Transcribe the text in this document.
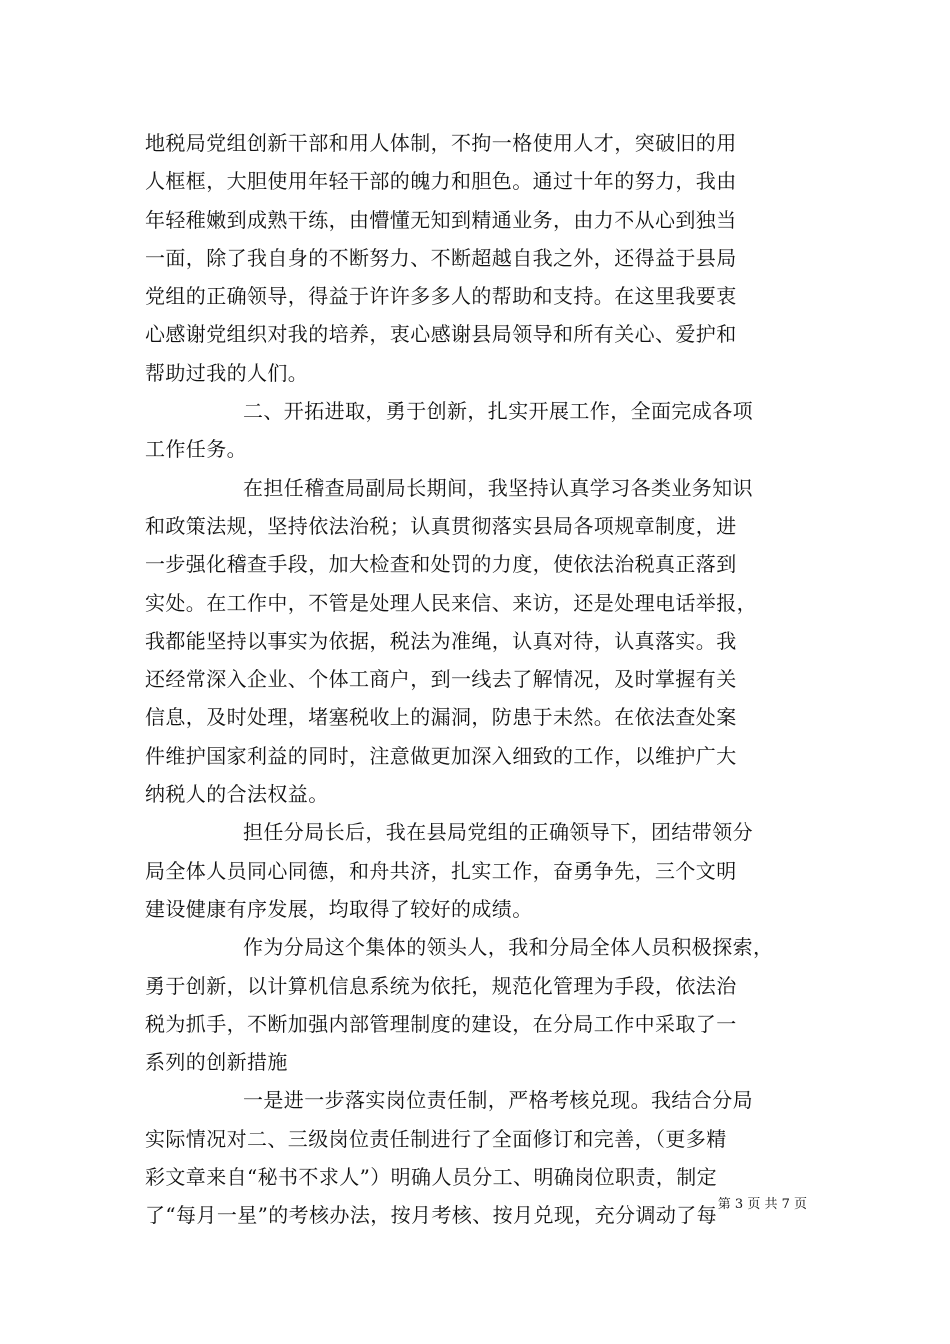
地税局党组创新干部和用人体制，不拘一格使用人才，突破旧的用
人框框，大胆使用年轻干部的魄力和胆色。通过十年的努力，我由
年轻稚嫩到成熟干练，由懵懂无知到精通业务，由力不从心到独当
一面，除了我自身的不断努力、不断超越自我之外，还得益于县局
党组的正确领导，得益于许许多多人的帮助和支持。在这里我要衷
心感谢党组织对我的培养，衷心感谢县局领导和所有关心、爱护和
帮助过我的人们。
二、开拓进取，勇于创新，扎实开展工作，全面完成各项
工作任务。
在担任稽查局副局长期间，我坚持认真学习各类业务知识
和政策法规，坚持依法治税；认真贯彻落实县局各项规章制度，进
一步强化稽查手段，加大检查和处罚的力度，使依法治税真正落到
实处。在工作中，不管是处理人民来信、来访，还是处理电话举报，
我都能坚持以事实为依据，税法为准绳，认真对待，认真落实。我
还经常深入企业、个体工商户，到一线去了解情况，及时掌握有关
信息，及时处理，堵塞税收上的漏洞，防患于未然。在依法查处案
件维护国家利益的同时，注意做更加深入细致的工作，以维护广大
纳税人的合法权益。
担任分局长后，我在县局党组的正确领导下，团结带领分
局全体人员同心同德，和舟共济，扎实工作，奋勇争先，三个文明
建设健康有序发展，均取得了较好的成绩。
作为分局这个集体的领头人，我和分局全体人员积极探索，
勇于创新，以计算机信息系统为依托，规范化管理为手段，依法治
税为抓手，不断加强内部管理制度的建设，在分局工作中采取了一
系列的创新措施
一是进一步落实岗位责任制，严格考核兑现。我结合分局
实际情况对二、三级岗位责任制进行了全面修订和完善，（更多精
彩文章来自“秘书不求人”）明确人员分工、明确岗位职责，制定
了“每月一星”的考核办法，按月考核、按月兑现，充分调动了每 第 3 页 共 7 页
